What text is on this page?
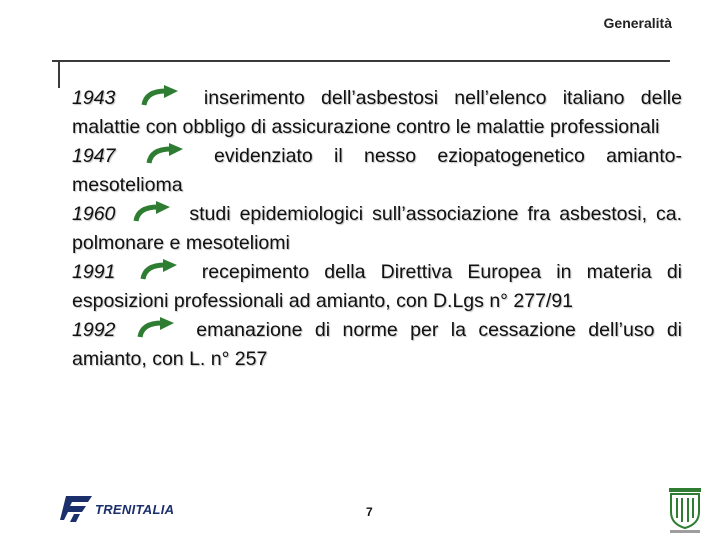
Generalità
1943	inserimento dell’asbestosi nell’elenco italiano delle malattie con obbligo di assicurazione contro le malattie professionali
1947	evidenziato il nesso eziopatogenetico amianto-mesotelioma
1960	studi epidemiologici sull’associazione fra asbestosi, ca. polmonare e mesoteliomi
1991	recepimento della Direttiva Europea in materia di esposizioni professionali ad amianto, con D.Lgs n° 277/91
1992	emanazione di norme per la cessazione dell’uso di amianto, con L. n° 257
TRENITALIA	7
